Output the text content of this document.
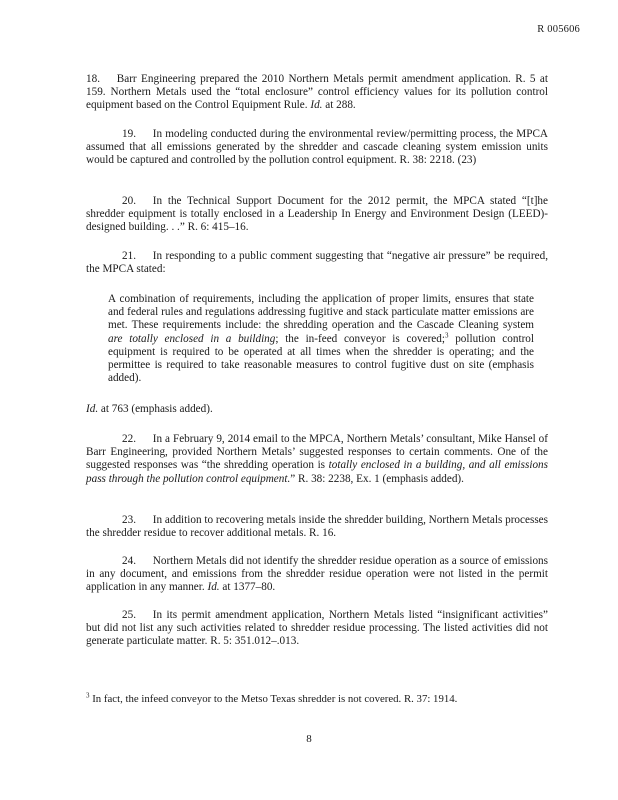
R 005606

18.   Barr Engineering prepared the 2010 Northern Metals permit amendment application. R. 5 at 159. Northern Metals used the “total enclosure” control efficiency values for its pollution control equipment based on the Control Equipment Rule. Id. at 288.

19.   In modeling conducted during the environmental review/permitting process, the MPCA assumed that all emissions generated by the shredder and cascade cleaning system emission units would be captured and controlled by the pollution control equipment. R. 38: 2218. (23)

20.   In the Technical Support Document for the 2012 permit, the MPCA stated “[t]he shredder equipment is totally enclosed in a Leadership In Energy and Environment Design (LEED)-designed building. . .” R. 6: 415–16.

21.   In responding to a public comment suggesting that “negative air pressure” be required, the MPCA stated:

A combination of requirements, including the application of proper limits, ensures that state and federal rules and regulations addressing fugitive and stack particulate matter emissions are met. These requirements include: the shredding operation and the Cascade Cleaning system are totally enclosed in a building; the in-feed conveyor is covered;$^3$ pollution control equipment is required to be operated at all times when the shredder is operating; and the permittee is required to take reasonable measures to control fugitive dust on site (emphasis added).

Id. at 763 (emphasis added).

22.   In a February 9, 2014 email to the MPCA, Northern Metals’ consultant, Mike Hansel of Barr Engineering, provided Northern Metals’ suggested responses to certain comments. One of the suggested responses was “the shredding operation is totally enclosed in a building, and all emissions pass through the pollution control equipment.” R. 38: 2238, Ex. 1 (emphasis added).

23.   In addition to recovering metals inside the shredder building, Northern Metals processes the shredder residue to recover additional metals. R. 16.

24.   Northern Metals did not identify the shredder residue operation as a source of emissions in any document, and emissions from the shredder residue operation were not listed in the permit application in any manner. Id. at 1377–80.

25.   In its permit amendment application, Northern Metals listed “insignificant activities” but did not list any such activities related to shredder residue processing. The listed activities did not generate particulate matter. R. 5: 351.012–.013.

$^3$ In fact, the infeed conveyor to the Metso Texas shredder is not covered. R. 37: 1914.

8
